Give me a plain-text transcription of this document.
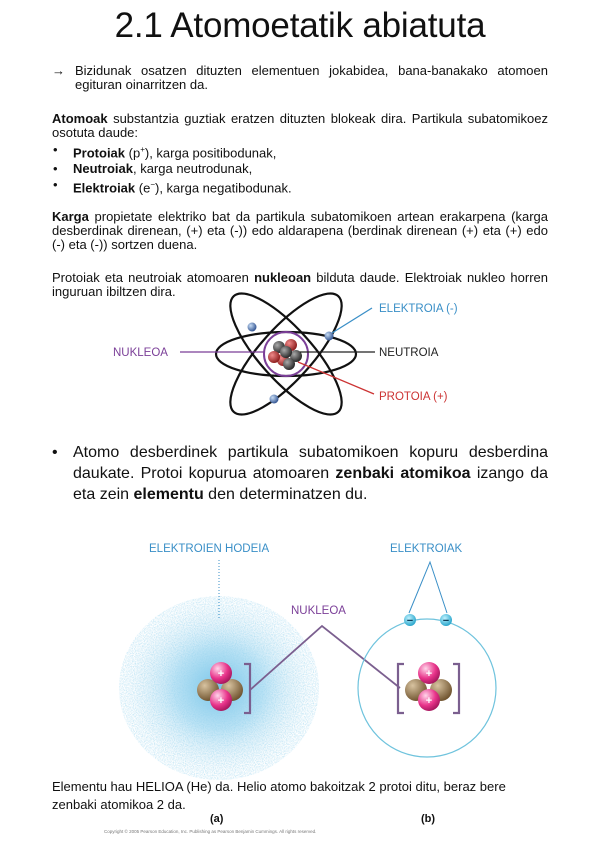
2.1 Atomoetatik abiatuta
→ Bizidunak osatzen dituzten elementuen jokabidea, bana-banakako atomoen egituran oinarritzen da.
Atomoak substantzia guztiak eratzen dituzten blokeak dira. Partikula subatomikoez osotuta daude:
• Protoiak (p+), karga positibodunak,
• Neutroiak, karga neutrodunak,
• Elektroiak (e−), karga negatibodunak.
Karga propietate elektriko bat da partikula subatomikoen artean erakarpena (karga desberdinak direnean, (+) eta (-)) edo aldarapena (berdinak direnean (+) eta (+) edo (-) eta (-)) sortzen duena.
Protoiak eta neutroiak atomoaren nukleoan bilduta daude. Elektroiak nukleo horren inguruan ibiltzen dira.
ELEKTROIA (-)
NUKLEOA	NEUTROIA
PROTOIA (+)
+
+
NUKLEOA
ELEKTROIEN HODEIA	ELEKTROIAK
−	−
+
+
• Atomo desberdinek partikula subatomikoen kopuru desberdina daukate. Protoi kopurua atomoaren zenbaki atomikoa izango da eta zein elementu den determinatzen du.
Elementu hau HELIOA (He) da. Helio atomo bakoitzak 2 protoi ditu, beraz bere zenbaki atomikoa 2 da.
(a)	(b)
Copyright © 2005 Pearson Education, Inc. Publishing as Pearson Benjamin Cummings. All rights reserved.
